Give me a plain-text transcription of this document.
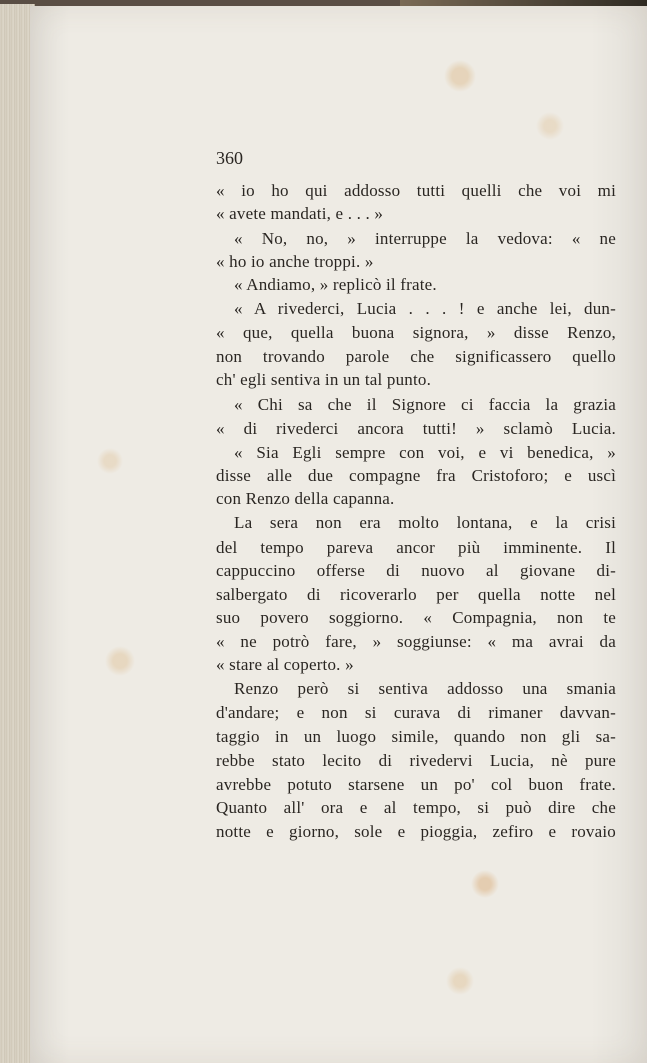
360
« io ho qui addosso tutti quelli che voi mi
« avete mandati, e . . . »
« No, no, » interruppe la vedova: « ne
« ho io anche troppi. »
« Andiamo, » replicò il frate.
« A rivederci, Lucia . . . ! e anche lei, dun-
« que, quella buona signora, » disse Renzo,
non trovando parole che significassero quello
ch' egli sentiva in un tal punto.
« Chi sa che il Signore ci faccia la grazia
« di rivederci ancora tutti! » sclamò Lucia.
« Sia Egli sempre con voi, e vi benedica, »
disse alle due compagne fra Cristoforo; e uscì
con Renzo della capanna.
La sera non era molto lontana, e la crisi
del tempo pareva ancor più imminente. Il
cappuccino offerse di nuovo al giovane di-
salbergato di ricoverarlo per quella notte nel
suo povero soggiorno. « Compagnia, non te
« ne potrò fare, » soggiunse: « ma avrai da
« stare al coperto. »
Renzo però si sentiva addosso una smania
d'andare; e non si curava di rimaner davvan-
taggio in un luogo simile, quando non gli sa-
rebbe stato lecito di rivedervi Lucia, nè pure
avrebbe potuto starsene un po' col buon frate.
Quanto all' ora e al tempo, si può dire che
notte e giorno, sole e pioggia, zefiro e rovaio
